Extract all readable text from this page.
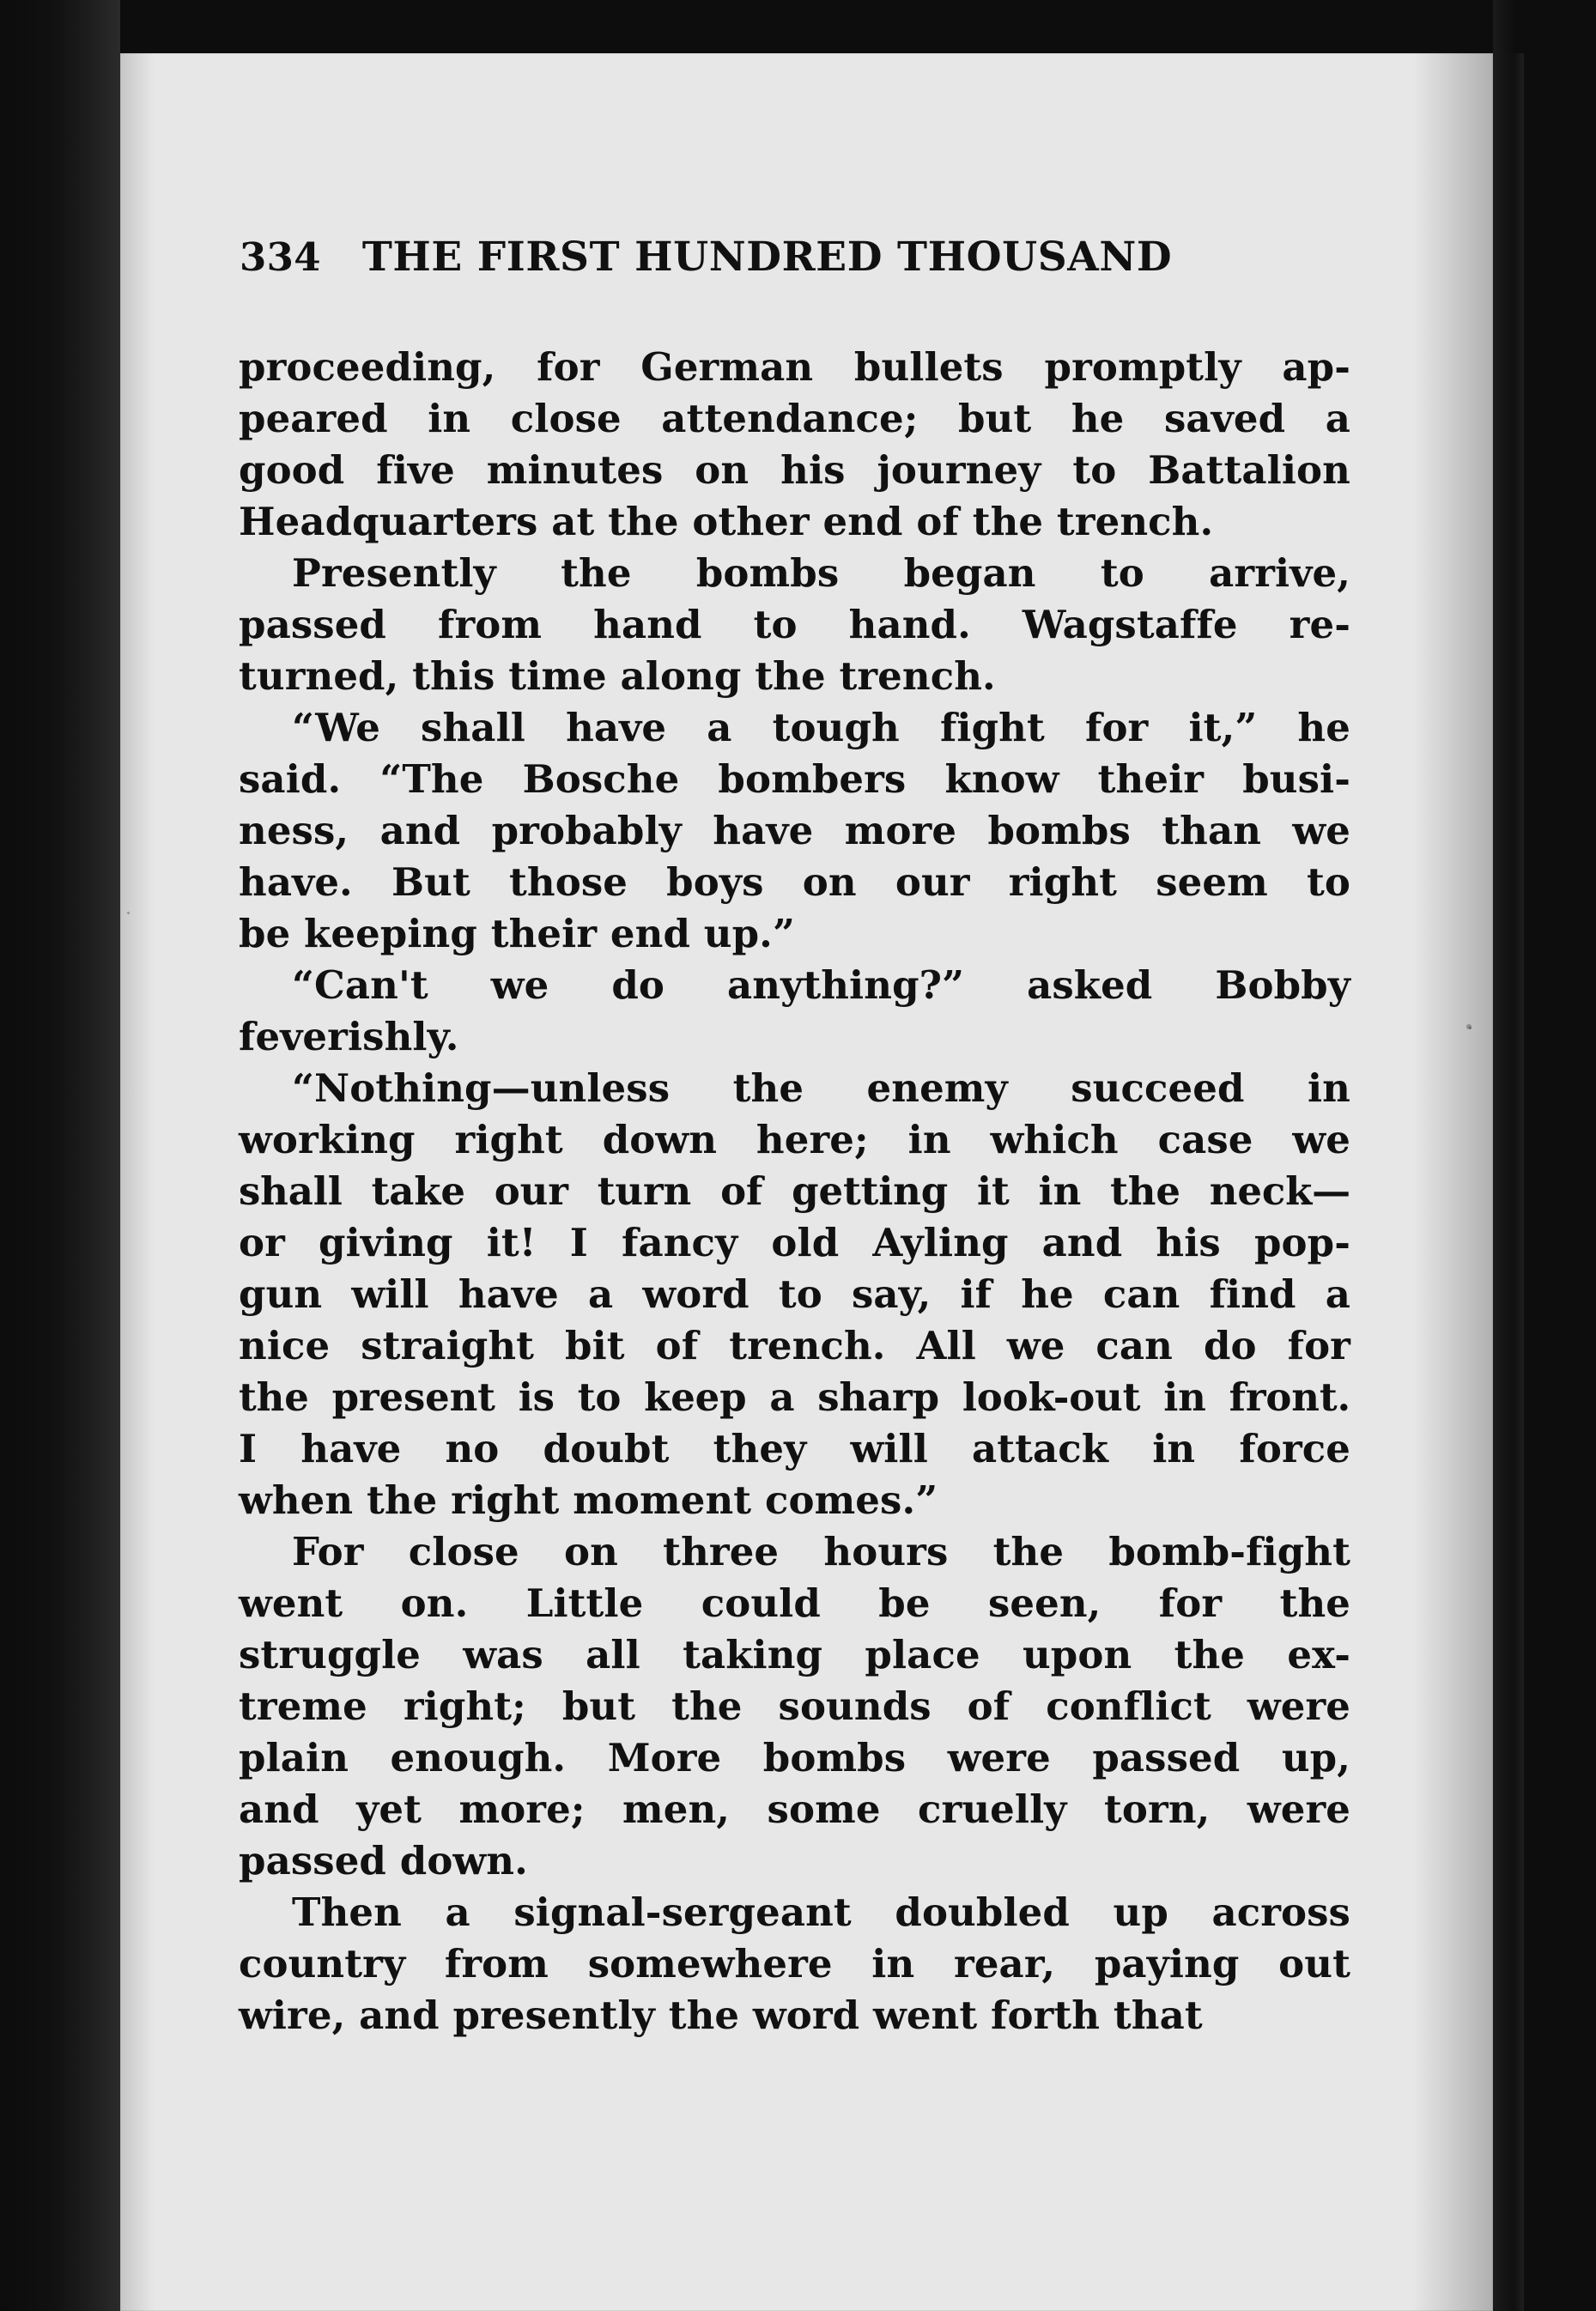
334 THE FIRST HUNDRED THOUSAND
proceeding, for German bullets promptly ap-
peared in close attendance; but he saved a
good five minutes on his journey to Battalion
Headquarters at the other end of the trench.
Presently the bombs began to arrive,
passed from hand to hand. Wagstaffe re-
turned, this time along the trench.
“We shall have a tough fight for it,” he
said. “The Bosche bombers know their busi-
ness, and probably have more bombs than we
have. But those boys on our right seem to
be keeping their end up.”
“Can't we do anything?” asked Bobby
feverishly.
“Nothing—unless the enemy succeed in
working right down here; in which case we
shall take our turn of getting it in the neck—
or giving it! I fancy old Ayling and his pop-
gun will have a word to say, if he can find a
nice straight bit of trench. All we can do for
the present is to keep a sharp look-out in front.
I have no doubt they will attack in force
when the right moment comes.”
For close on three hours the bomb-fight
went on. Little could be seen, for the
struggle was all taking place upon the ex-
treme right; but the sounds of conflict were
plain enough. More bombs were passed up,
and yet more; men, some cruelly torn, were
passed down.
Then a signal-sergeant doubled up across
country from somewhere in rear, paying out
wire, and presently the word went forth that
